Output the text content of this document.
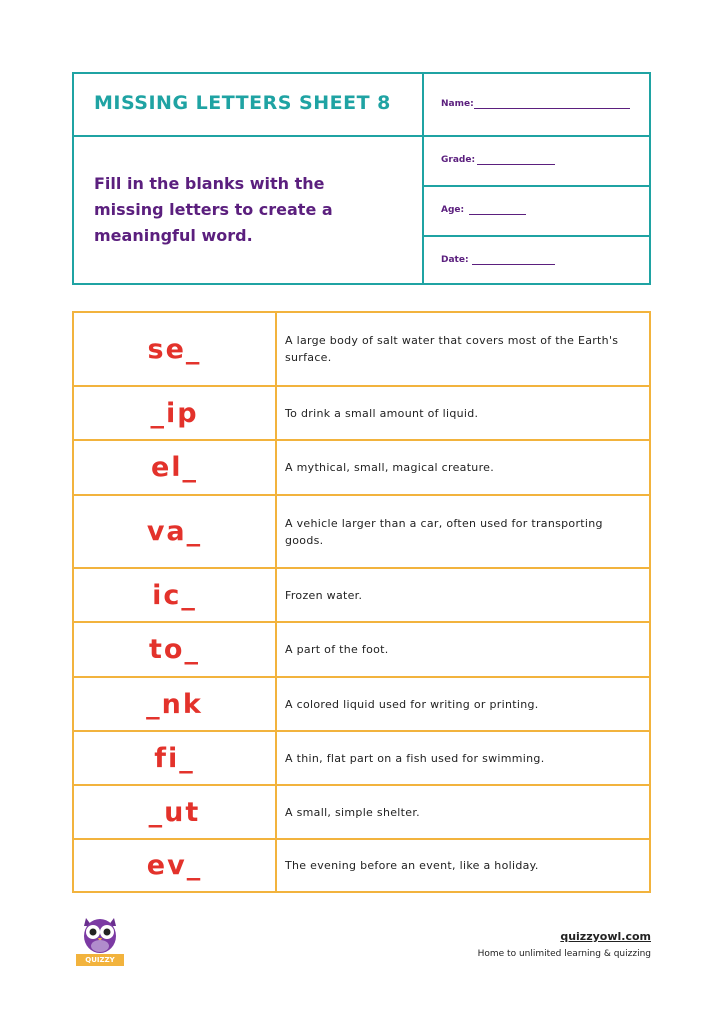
MISSING LETTERS SHEET 8

Fill in the blanks with the missing letters to create a meaningful word.

Name:
Grade:
Age:
Date:
se_	A large body of salt water that covers most of the Earth's surface.
_ip	To drink a small amount of liquid.
el_	A mythical, small, magical creature.
va_	A vehicle larger than a car, often used for transporting goods.
ic_	Frozen water.
to_	A part of the foot.
_nk	A colored liquid used for writing or printing.
fi_	A thin, flat part on a fish used for swimming.
_ut	A small, simple shelter.
ev_	The evening before an event, like a holiday.
QUIZZY OWL
quizzyowl.com
Home to unlimited learning & quizzing
